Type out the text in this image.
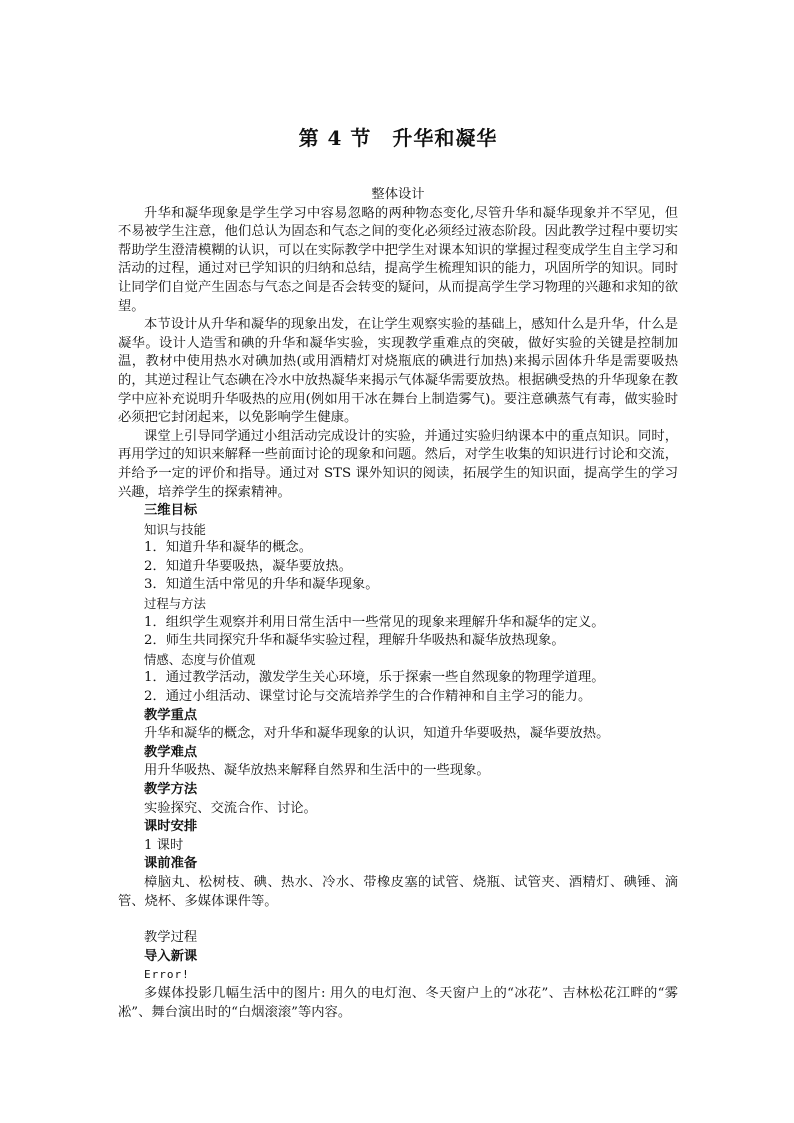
第 4 节　升华和凝华

整体设计

升华和凝华现象是学生学习中容易忽略的两种物态变化,尽管升华和凝华现象并不罕见，但不易被学生注意，他们总认为固态和气态之间的变化必须经过液态阶段。因此教学过程中要切实帮助学生澄清模糊的认识，可以在实际教学中把学生对课本知识的掌握过程变成学生自主学习和活动的过程，通过对已学知识的归纳和总结，提高学生梳理知识的能力，巩固所学的知识。同时让同学们自觉产生固态与气态之间是否会转变的疑问，从而提高学生学习物理的兴趣和求知的欲望。

本节设计从升华和凝华的现象出发，在让学生观察实验的基础上，感知什么是升华，什么是凝华。设计人造雪和碘的升华和凝华实验，实现教学重难点的突破，做好实验的关键是控制加温，教材中使用热水对碘加热(或用酒精灯对烧瓶底的碘进行加热)来揭示固体升华是需要吸热的，其逆过程让气态碘在冷水中放热凝华来揭示气体凝华需要放热。根据碘受热的升华现象在教学中应补充说明升华吸热的应用(例如用干冰在舞台上制造雾气)。要注意碘蒸气有毒，做实验时必须把它封闭起来，以免影响学生健康。

课堂上引导同学通过小组活动完成设计的实验，并通过实验归纳课本中的重点知识。同时，再用学过的知识来解释一些前面讨论的现象和问题。然后，对学生收集的知识进行讨论和交流，并给予一定的评价和指导。通过对 STS 课外知识的阅读，拓展学生的知识面，提高学生的学习兴趣，培养学生的探索精神。

三维目标

知识与技能

1．知道升华和凝华的概念。

2．知道升华要吸热，凝华要放热。

3．知道生活中常见的升华和凝华现象。

过程与方法

1．组织学生观察并利用日常生活中一些常见的现象来理解升华和凝华的定义。

2．师生共同探究升华和凝华实验过程，理解升华吸热和凝华放热现象。

情感、态度与价值观

1．通过教学活动，激发学生关心环境，乐于探索一些自然现象的物理学道理。

2．通过小组活动、课堂讨论与交流培养学生的合作精神和自主学习的能力。

教学重点

升华和凝华的概念，对升华和凝华现象的认识，知道升华要吸热，凝华要放热。

教学难点

用升华吸热、凝华放热来解释自然界和生活中的一些现象。

教学方法

实验探究、交流合作、讨论。

课时安排

1 课时

课前准备

樟脑丸、松树枝、碘、热水、冷水、带橡皮塞的试管、烧瓶、试管夹、酒精灯、碘锤、滴管、烧杯、多媒体课件等。

教学过程

导入新课

Error!

多媒体投影几幅生活中的图片: 用久的电灯泡、冬天窗户上的“冰花”、吉林松花江畔的“雾凇”、舞台演出时的“白烟滚滚”等内容。
